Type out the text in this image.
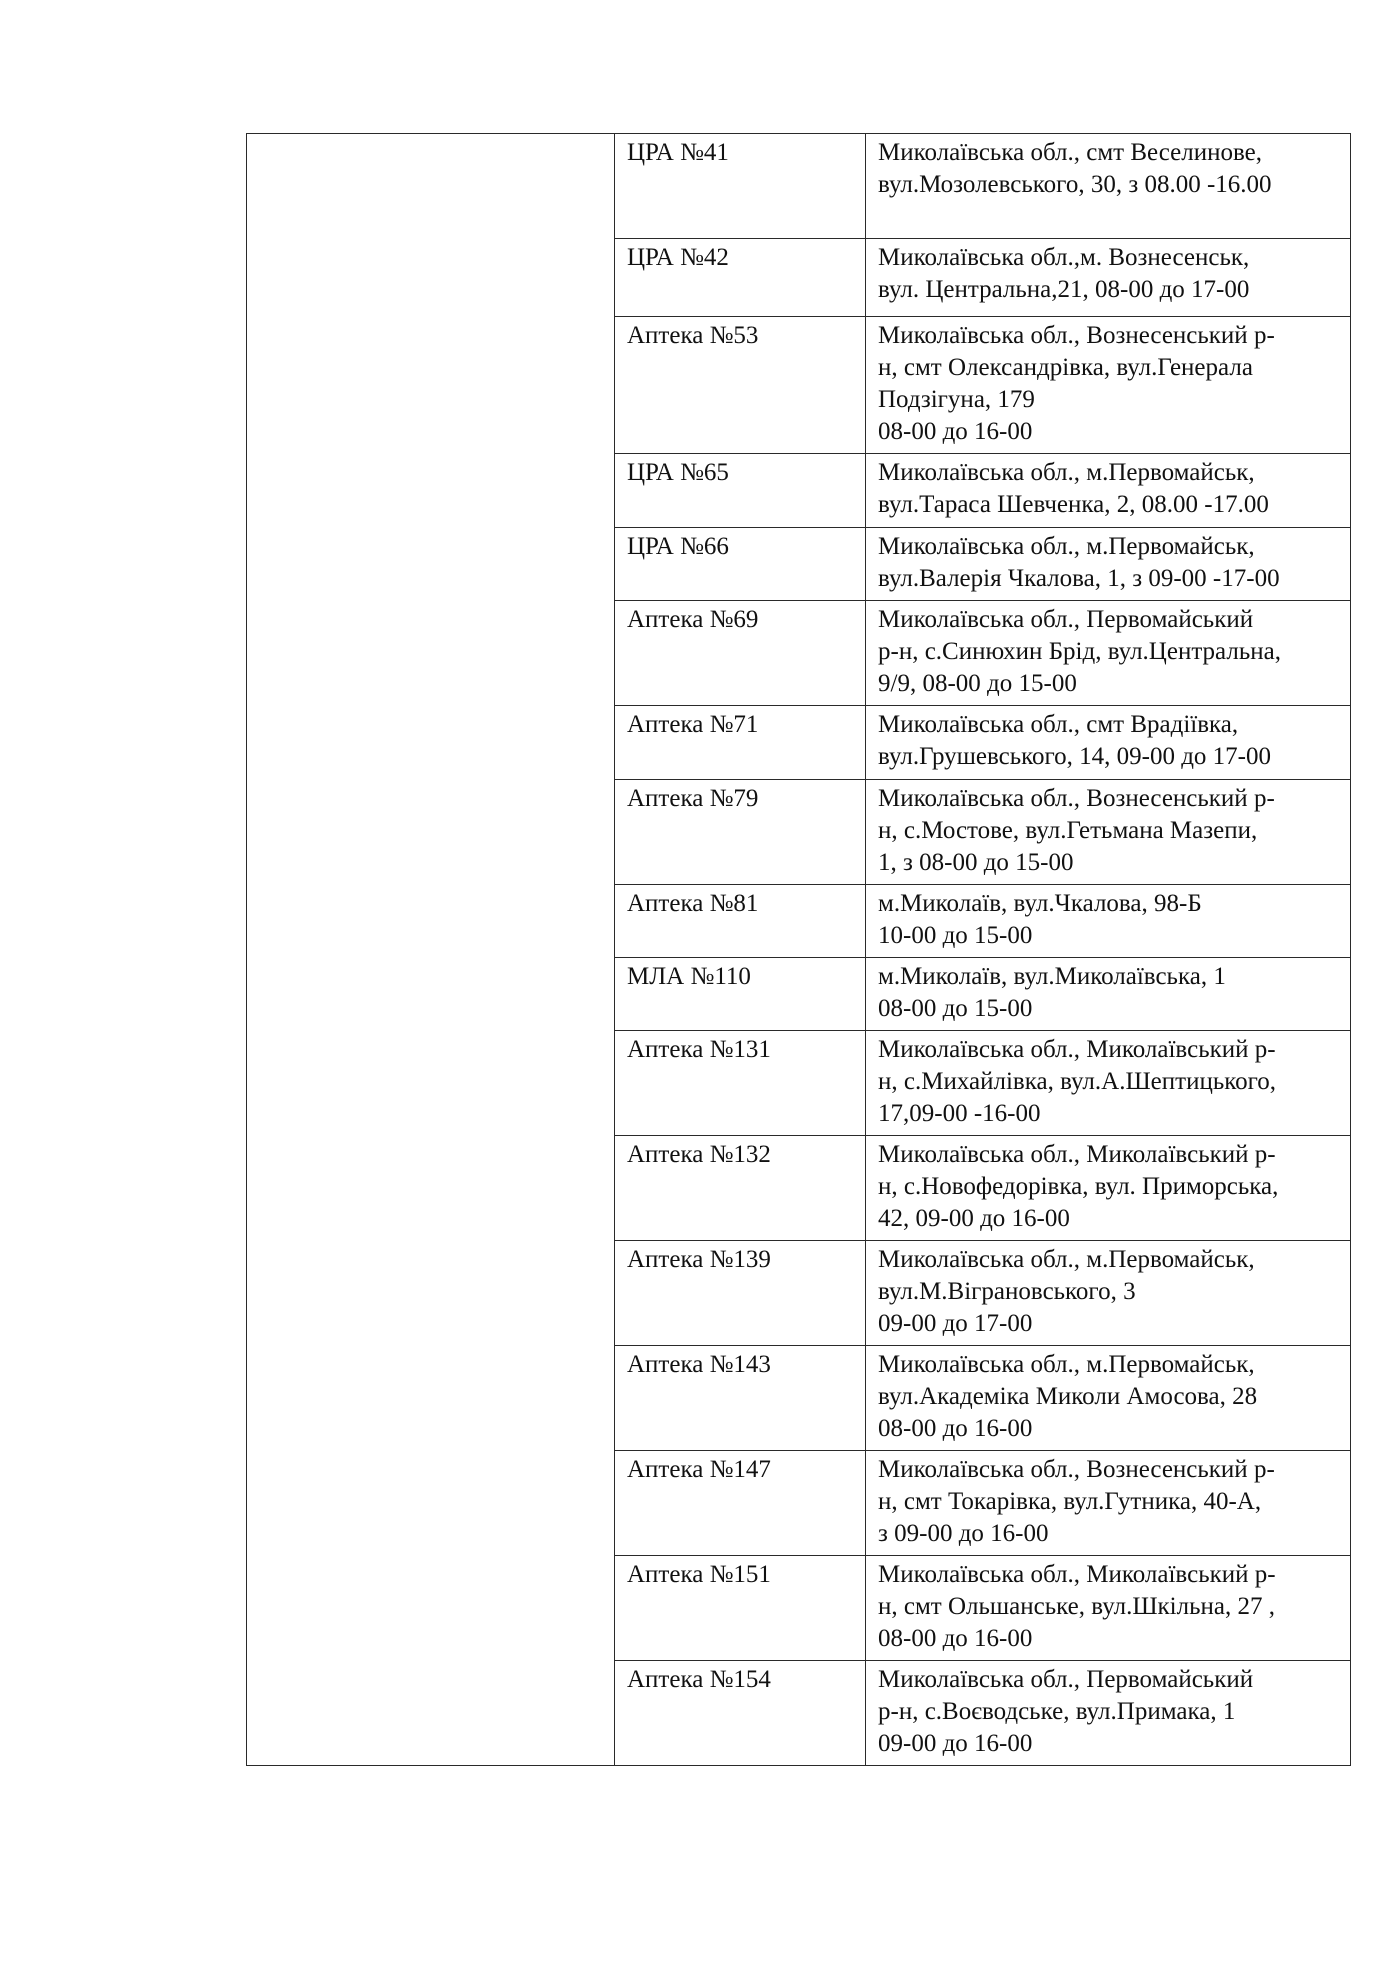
	ЦРА №41	Миколаївська обл., смт Веселинове,
вул.Мозолевського, 30, з 08.00 -16.00
	ЦРА №42	Миколаївська обл.,м. Вознесенськ,
вул. Центральна,21, 08-00 до 17-00
	Аптека №53	Миколаївська обл., Вознесенський р-
н, смт Олександрівка, вул.Генерала
Подзігуна, 179
08-00 до 16-00
	ЦРА №65	Миколаївська обл., м.Первомайськ,
вул.Тараса Шевченка, 2, 08.00 -17.00
	ЦРА №66	Миколаївська обл., м.Первомайськ,
вул.Валерія Чкалова, 1, з 09-00 -17-00
	Аптека №69	Миколаївська обл., Первомайський
р-н, с.Синюхин Брід, вул.Центральна,
9/9, 08-00 до 15-00
	Аптека №71	Миколаївська обл., смт Врадіївка,
вул.Грушевського, 14, 09-00 до 17-00
	Аптека №79	Миколаївська обл., Вознесенський р-
н, с.Мостове, вул.Гетьмана Мазепи,
1, з 08-00 до 15-00
	Аптека №81	м.Миколаїв, вул.Чкалова, 98-Б
10-00 до 15-00
	МЛА №110	м.Миколаїв, вул.Миколаївська, 1
08-00 до 15-00
	Аптека №131	Миколаївська обл., Миколаївський р-
н, с.Михайлівка, вул.А.Шептицького,
17,09-00 -16-00
	Аптека №132	Миколаївська обл., Миколаївський р-
н, с.Новофедорівка, вул. Приморська,
42, 09-00 до 16-00
	Аптека №139	Миколаївська обл., м.Первомайськ,
вул.М.Віграновського, 3
09-00 до 17-00
	Аптека №143	Миколаївська обл., м.Первомайськ,
вул.Академіка Миколи Амосова, 28
08-00 до 16-00
	Аптека №147	Миколаївська обл., Вознесенський р-
н, смт Токарівка, вул.Гутника, 40-А,
з 09-00 до 16-00
	Аптека №151	Миколаївська обл., Миколаївський р-
н, смт Ольшанське, вул.Шкільна, 27 ,
08-00 до 16-00
	Аптека №154	Миколаївська обл., Первомайський
р-н, с.Воєводське, вул.Примака, 1
09-00 до 16-00
